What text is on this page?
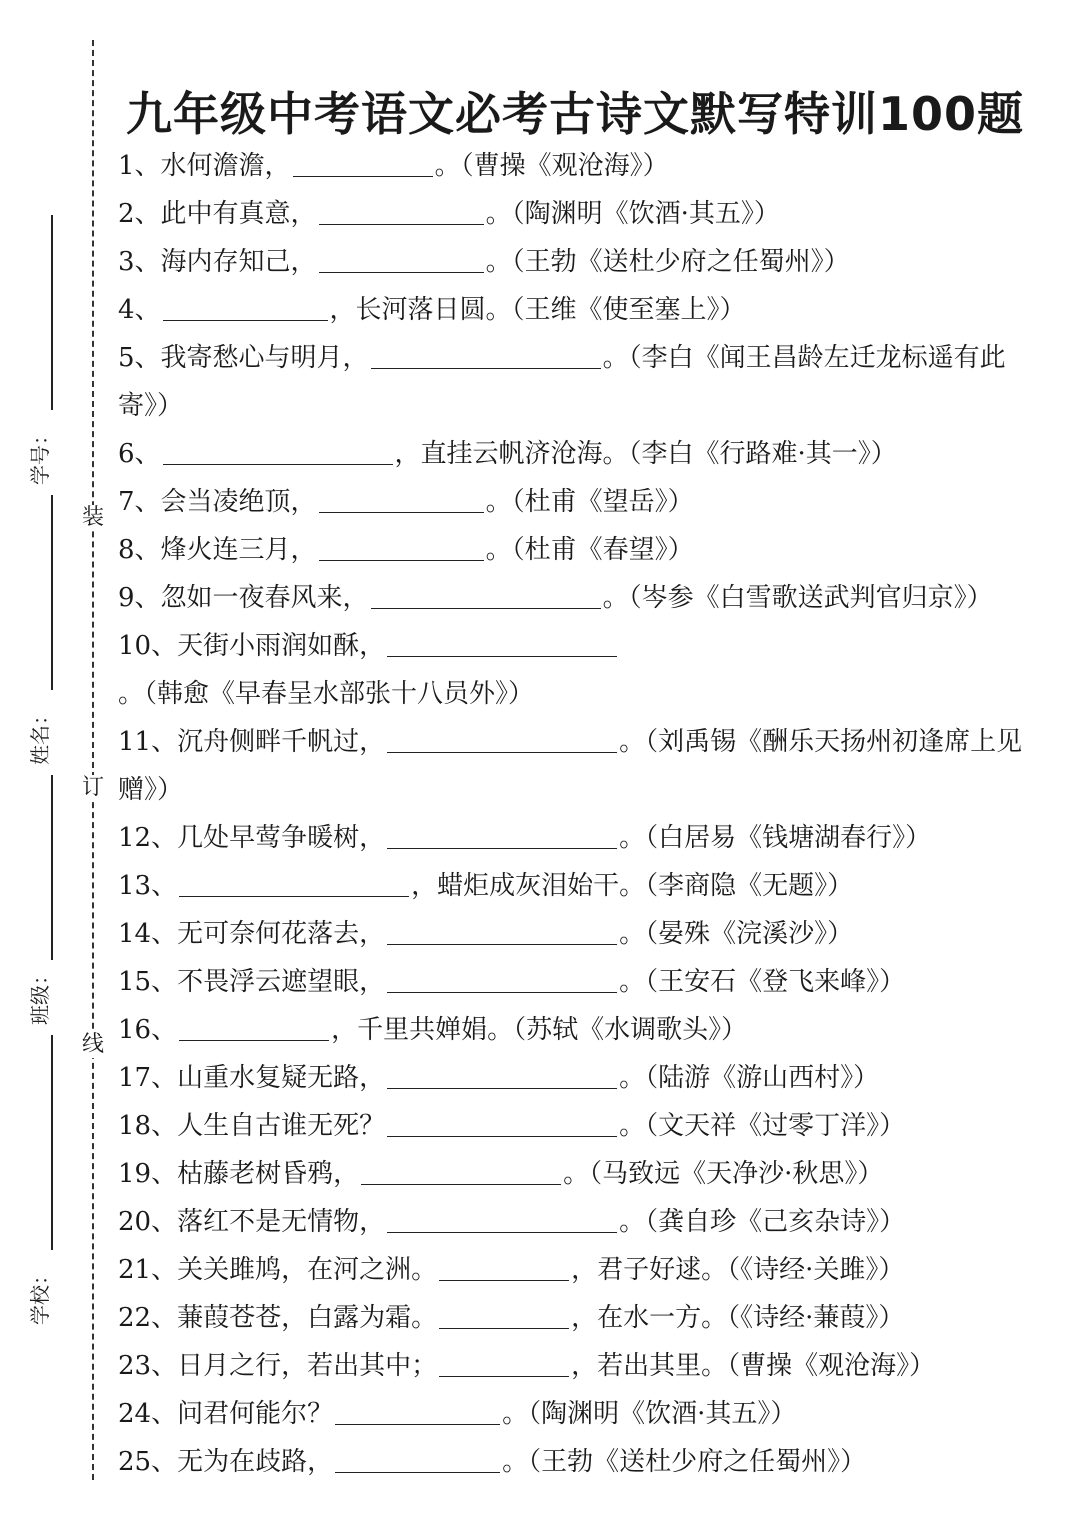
装
订
线
学号：
姓名：
班级：
学校：
九年级中考语文必考古诗文默写特训100题
1、水何澹澹，	。（曹操《观沧海》）
2、此中有真意，	。（陶渊明《饮酒·其五》）
3、海内存知己，	。（王勃《送杜少府之任蜀州》）
4、	，长河落日圆。（王维《使至塞上》）
5、我寄愁心与明月，	。（李白《闻王昌龄左迁龙标遥有此寄》）
6、	，直挂云帆济沧海。（李白《行路难·其一》）
7、会当凌绝顶，	。（杜甫《望岳》）
8、烽火连三月，	。（杜甫《春望》）
9、忽如一夜春风来，	。（岑参《白雪歌送武判官归京》）
10、天街小雨润如酥，。（韩愈《早春呈水部张十八员外》）
11、沉舟侧畔千帆过，	。（刘禹锡《酬乐天扬州初逢席上见赠》）
12、几处早莺争暖树，	。（白居易《钱塘湖春行》）
13、	，蜡炬成灰泪始干。（李商隐《无题》）
14、无可奈何花落去，	。（晏殊《浣溪沙》）
15、不畏浮云遮望眼，	。（王安石《登飞来峰》）
16、	，千里共婵娟。（苏轼《水调歌头》）
17、山重水复疑无路，	。（陆游《游山西村》）
18、人生自古谁无死？	。（文天祥《过零丁洋》）
19、枯藤老树昏鸦，	。（马致远《天净沙·秋思》）
20、落红不是无情物，	。（龚自珍《己亥杂诗》）
21、关关雎鸠，在河之洲。	，君子好逑。（《诗经·关雎》）
22、蒹葭苍苍，白露为霜。	，在水一方。（《诗经·蒹葭》）
23、日月之行，若出其中；	，若出其里。（曹操《观沧海》）
24、问君何能尔？	。（陶渊明《饮酒·其五》）
25、无为在歧路，	。（王勃《送杜少府之任蜀州》）
